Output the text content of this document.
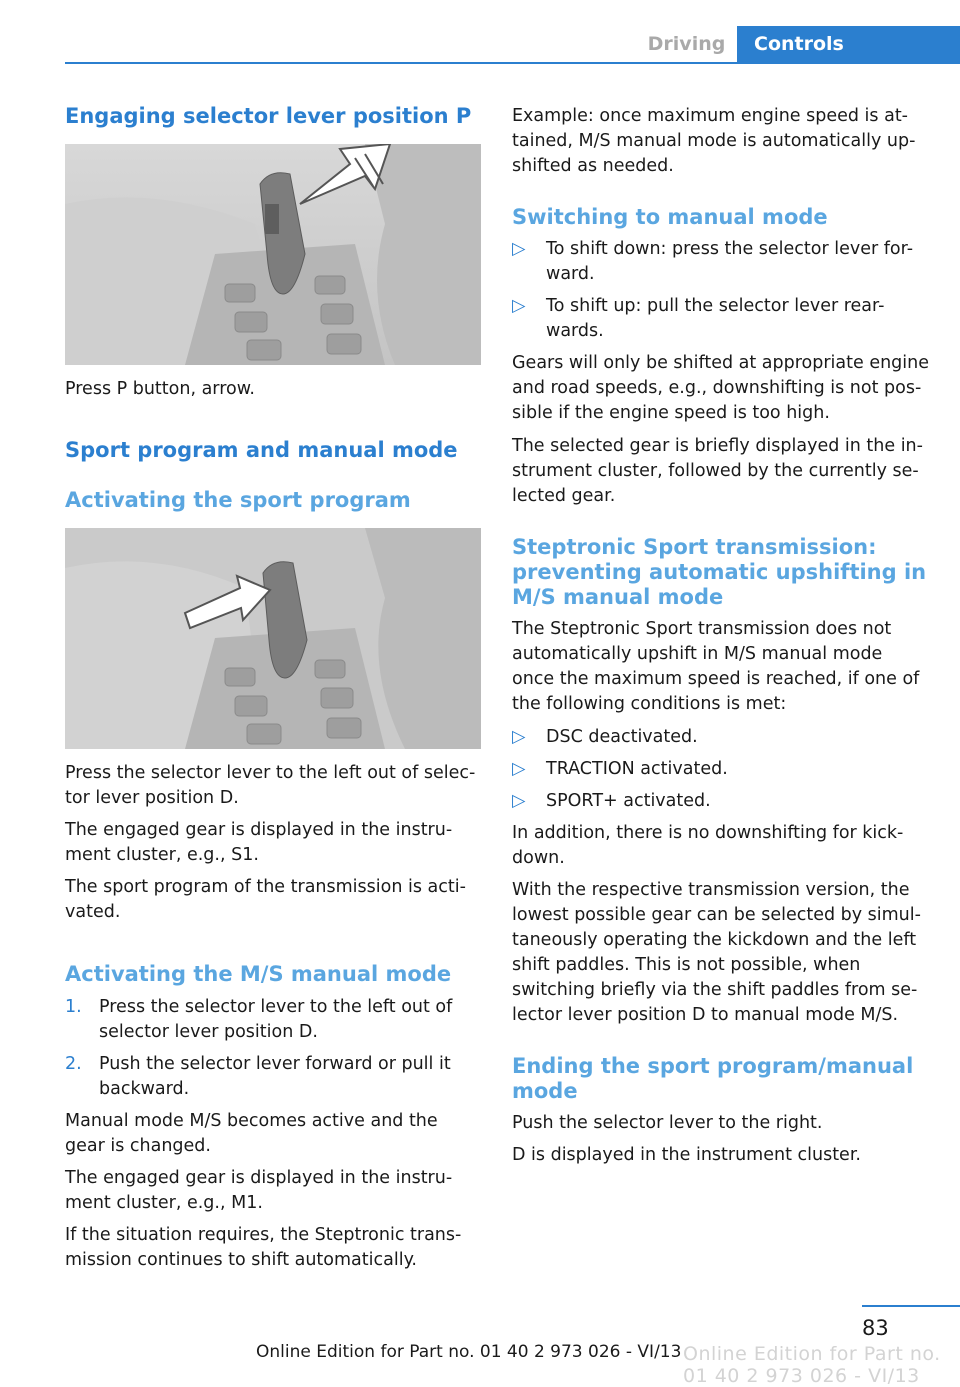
Driving	Controls
Engaging selector lever position P
Press P button, arrow.
Sport program and manual mode
Activating the sport program
Press the selector lever to the left out of selec-
tor lever position D.
The engaged gear is displayed in the instru-
ment cluster, e.g., S1.
The sport program of the transmission is acti-
vated.
Activating the M/S manual mode
1. Press the selector lever to the left out of
selector lever position D.
2. Push the selector lever forward or pull it
backward.
Manual mode M/S becomes active and the
gear is changed.
The engaged gear is displayed in the instru-
ment cluster, e.g., M1.
If the situation requires, the Steptronic trans-
mission continues to shift automatically.
Example: once maximum engine speed is at-
tained, M/S manual mode is automatically up-
shifted as needed.
Switching to manual mode
▷ To shift down: press the selector lever for-
ward.
▷ To shift up: pull the selector lever rear-
wards.
Gears will only be shifted at appropriate engine
and road speeds, e.g., downshifting is not pos-
sible if the engine speed is too high.
The selected gear is briefly displayed in the in-
strument cluster, followed by the currently se-
lected gear.
Steptronic Sport transmission:
preventing automatic upshifting in
M/S manual mode
The Steptronic Sport transmission does not
automatically upshift in M/S manual mode
once the maximum speed is reached, if one of
the following conditions is met:
▷ DSC deactivated.
▷ TRACTION activated.
▷ SPORT+ activated.
In addition, there is no downshifting for kick-
down.
With the respective transmission version, the
lowest possible gear can be selected by simul-
taneously operating the kickdown and the left
shift paddles. This is not possible, when
switching briefly via the shift paddles from se-
lector lever position D to manual mode M/S.
Ending the sport program/manual
mode
Push the selector lever to the right.
D is displayed in the instrument cluster.
83
Online Edition for Part no. 01 40 2 973 026 - VI/13 Online Edition for Part no. 01 40 2 973 026 - VI/13
